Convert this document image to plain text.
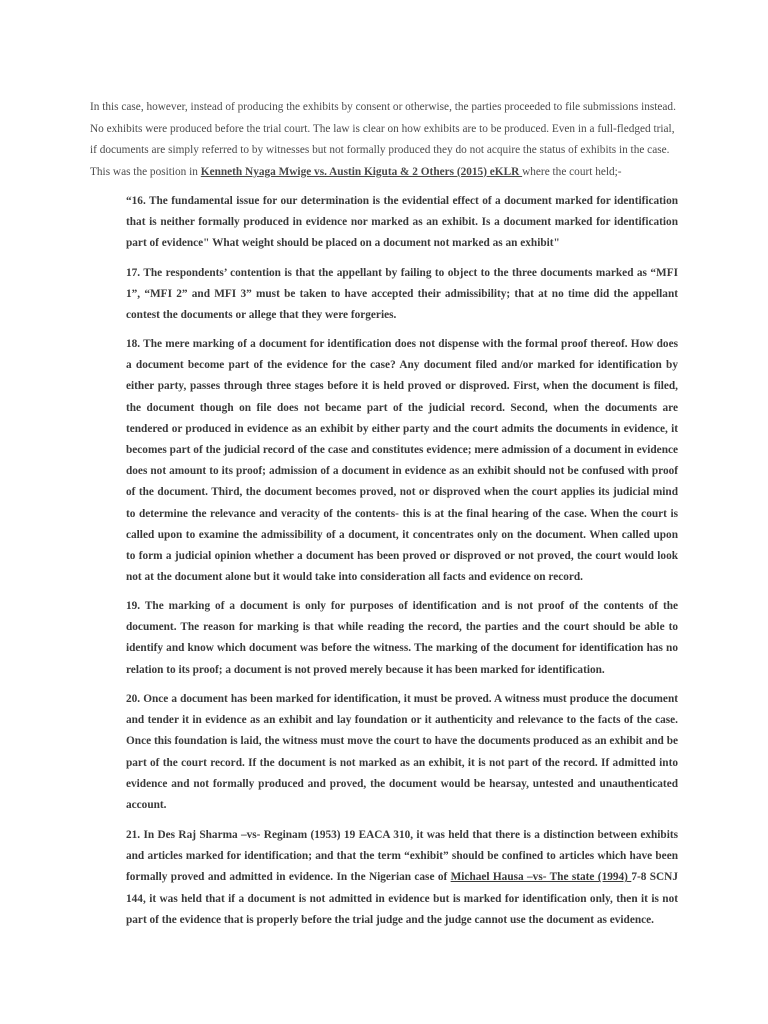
In this case, however, instead of producing the exhibits by consent or otherwise, the parties proceeded to file submissions instead. No exhibits were produced before the trial court. The law is clear on how exhibits are to be produced. Even in a full-fledged trial, if documents are simply referred to by witnesses but not formally produced they do not acquire the status of exhibits in the case. This was the position in Kenneth Nyaga Mwige vs. Austin Kiguta & 2 Others (2015) eKLR where the court held;-
“16. The fundamental issue for our determination is the evidential effect of a document marked for identification that is neither formally produced in evidence nor marked as an exhibit. Is a document marked for identification part of evidence" What weight should be placed on a document not marked as an exhibit"
17. The respondents’ contention is that the appellant by failing to object to the three documents marked as “MFI 1”, “MFI 2” and MFI 3” must be taken to have accepted their admissibility; that at no time did the appellant contest the documents or allege that they were forgeries.
18. The mere marking of a document for identification does not dispense with the formal proof thereof. How does a document become part of the evidence for the case? Any document filed and/or marked for identification by either party, passes through three stages before it is held proved or disproved. First, when the document is filed, the document though on file does not became part of the judicial record. Second, when the documents are tendered or produced in evidence as an exhibit by either party and the court admits the documents in evidence, it becomes part of the judicial record of the case and constitutes evidence; mere admission of a document in evidence does not amount to its proof; admission of a document in evidence as an exhibit should not be confused with proof of the document. Third, the document becomes proved, not or disproved when the court applies its judicial mind to determine the relevance and veracity of the contents- this is at the final hearing of the case. When the court is called upon to examine the admissibility of a document, it concentrates only on the document. When called upon to form a judicial opinion whether a document has been proved or disproved or not proved, the court would look not at the document alone but it would take into consideration all facts and evidence on record.
19. The marking of a document is only for purposes of identification and is not proof of the contents of the document. The reason for marking is that while reading the record, the parties and the court should be able to identify and know which document was before the witness. The marking of the document for identification has no relation to its proof; a document is not proved merely because it has been marked for identification.
20. Once a document has been marked for identification, it must be proved. A witness must produce the document and tender it in evidence as an exhibit and lay foundation or it authenticity and relevance to the facts of the case. Once this foundation is laid, the witness must move the court to have the documents produced as an exhibit and be part of the court record. If the document is not marked as an exhibit, it is not part of the record. If admitted into evidence and not formally produced and proved, the document would be hearsay, untested and unauthenticated account.
21. In Des Raj Sharma –vs- Reginam (1953) 19 EACA 310, it was held that there is a distinction between exhibits and articles marked for identification; and that the term “exhibit” should be confined to articles which have been formally proved and admitted in evidence. In the Nigerian case of Michael Hausa –vs- The state (1994) 7-8 SCNJ 144, it was held that if a document is not admitted in evidence but is marked for identification only, then it is not part of the evidence that is properly before the trial judge and the judge cannot use the document as evidence.
